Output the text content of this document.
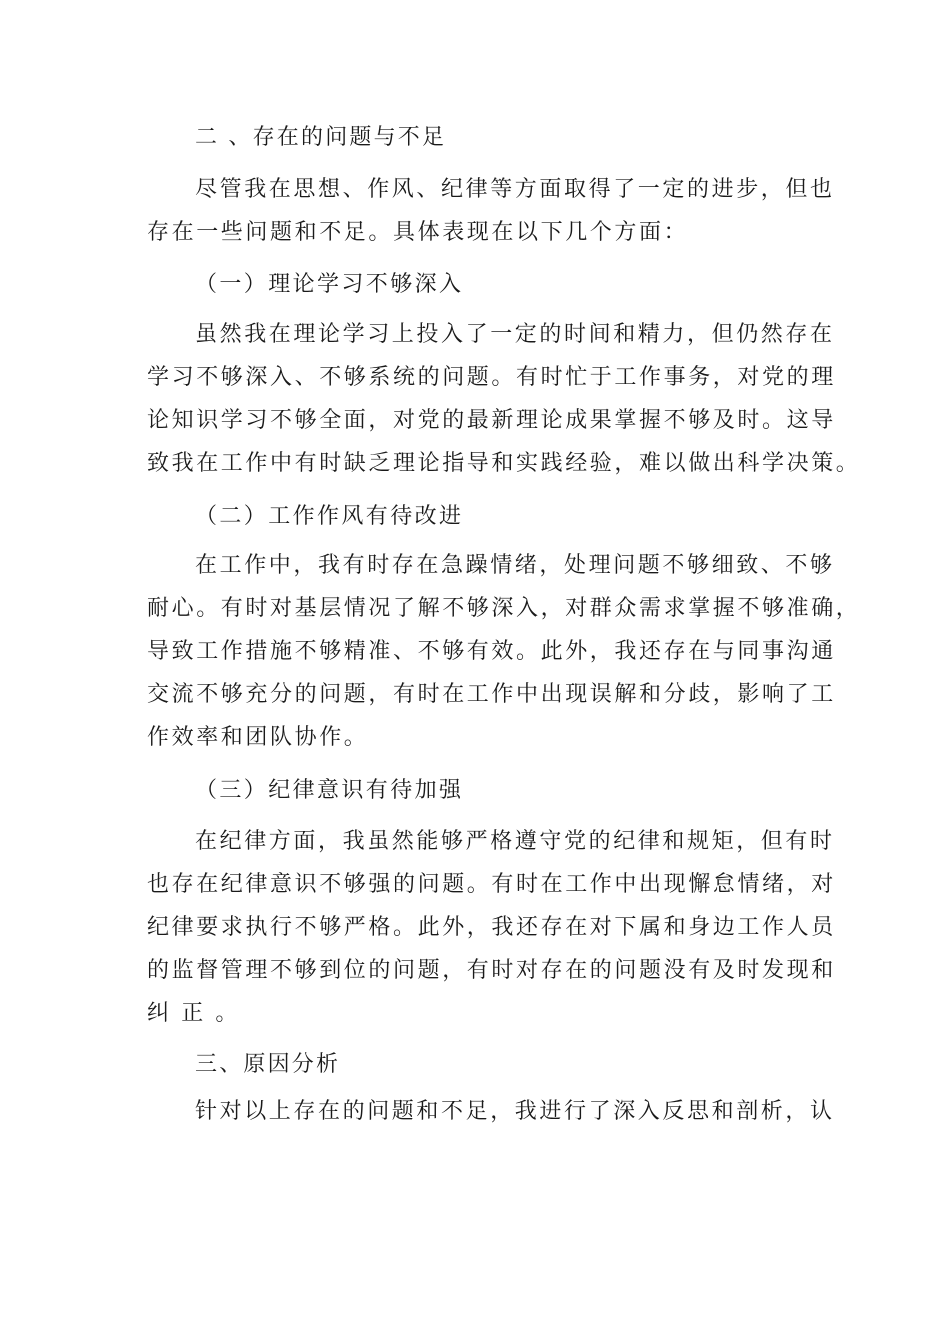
二 、存在的问题与不足
尽管我在思想、作风、纪律等方面取得了一定的进步，但也
存在一些问题和不足。具体表现在以下几个方面：
（一）理论学习不够深入
虽然我在理论学习上投入了一定的时间和精力，但仍然存在
学习不够深入、不够系统的问题。有时忙于工作事务，对党的理
论知识学习不够全面，对党的最新理论成果掌握不够及时。这导
致我在工作中有时缺乏理论指导和实践经验，难以做出科学决策。
（二）工作作风有待改进
在工作中，我有时存在急躁情绪，处理问题不够细致、不够
耐心。有时对基层情况了解不够深入，对群众需求掌握不够准确，
导致工作措施不够精准、不够有效。此外，我还存在与同事沟通
交流不够充分的问题，有时在工作中出现误解和分歧，影响了工
作效率和团队协作。
（三）纪律意识有待加强
在纪律方面，我虽然能够严格遵守党的纪律和规矩，但有时
也存在纪律意识不够强的问题。有时在工作中出现懈怠情绪，对
纪律要求执行不够严格。此外，我还存在对下属和身边工作人员
的监督管理不够到位的问题，有时对存在的问题没有及时发现和
纠 正 。
三、原因分析
针对以上存在的问题和不足，我进行了深入反思和剖析，认
